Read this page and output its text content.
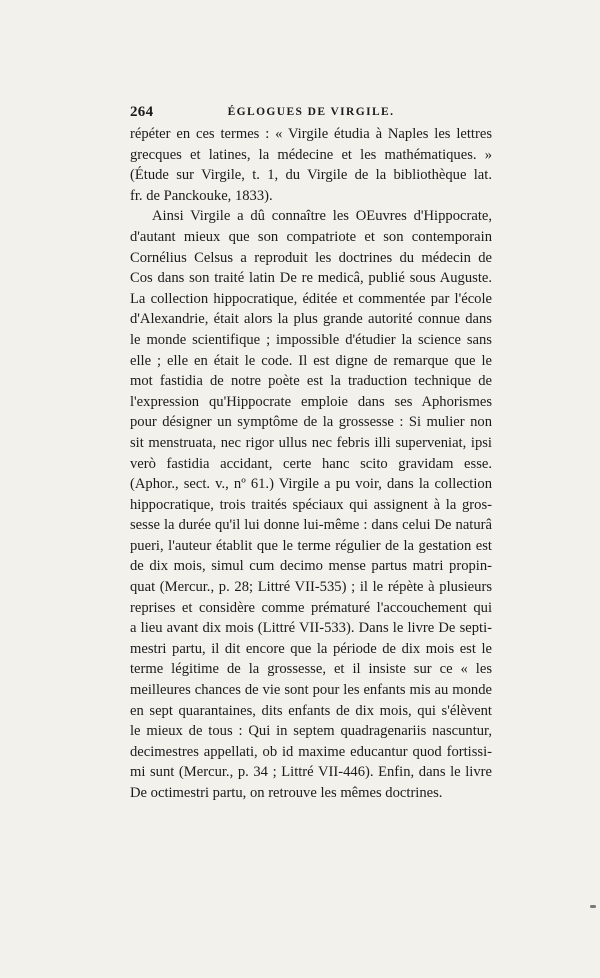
264	ÉGLOGUES DE VIRGILE.
répéter en ces termes : « Virgile étudia à Naples les lettres
grecques et latines, la médecine et les mathématiques. »
(Étude sur Virgile, t. 1, du Virgile de la bibliothèque lat.
fr. de Panckouke, 1833).
Ainsi Virgile a dû connaître les OEuvres d'Hippocrate,
d'autant mieux que son compatriote et son contemporain
Cornélius Celsus a reproduit les doctrines du médecin de
Cos dans son traité latin De re medicâ, publié sous Auguste.
La collection hippocratique, éditée et commentée par l'école
d'Alexandrie, était alors la plus grande autorité connue dans
le monde scientifique ; impossible d'étudier la science sans
elle ; elle en était le code. Il est digne de remarque que le
mot fastidia de notre poète est la traduction technique de
l'expression qu'Hippocrate emploie dans ses Aphorismes
pour désigner un symptôme de la grossesse : Si mulier non
sit menstruata, nec rigor ullus nec febris illi superveniat, ipsi
verò fastidia accidant, certe hanc scito gravidam esse.
(Aphor., sect. v., nº 61.) Virgile a pu voir, dans la collection
hippocratique, trois traités spéciaux qui assignent à la gros-
sesse la durée qu'il lui donne lui-même : dans celui De naturâ
pueri, l'auteur établit que le terme régulier de la gestation est
de dix mois, simul cum decimo mense partus matri propin-
quat (Mercur., p. 28; Littré VII-535) ; il le répète à plusieurs
reprises et considère comme prématuré l'accouchement qui
a lieu avant dix mois (Littré VII-533). Dans le livre De septi-
mestri partu, il dit encore que la période de dix mois est le
terme légitime de la grossesse, et il insiste sur ce « les
meilleures chances de vie sont pour les enfants mis au monde
en sept quarantaines, dits enfants de dix mois, qui s'élèvent
le mieux de tous : Qui in septem quadragenariis nascuntur,
decimestres appellati, ob id maxime educantur quod fortissi-
mi sunt (Mercur., p. 34 ; Littré VII-446). Enfin, dans le livre
De octimestri partu, on retrouve les mêmes doctrines.
